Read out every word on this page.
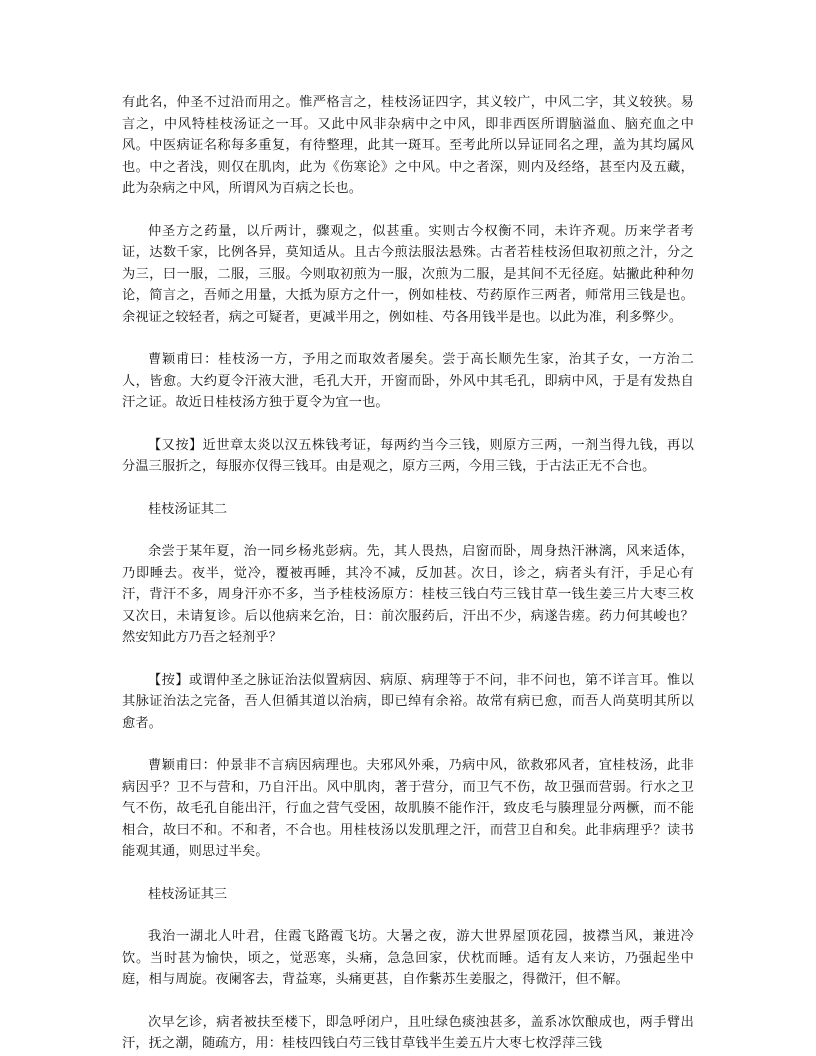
有此名，仲圣不过沿而用之。惟严格言之，桂枝汤证四字，其义较广，中风二字，其义较狭。易言之，中风特桂枝汤证之一耳。又此中风非杂病中之中风，即非西医所谓脑溢血、脑充血之中风。中医病证名称每多重复，有待整理，此其一斑耳。至考此所以异证同名之理，盖为其均属风也。中之者浅，则仅在肌肉，此为《伤寒论》之中风。中之者深，则内及经络，甚至内及五藏，此为杂病之中风，所谓风为百病之长也。

仲圣方之药量，以斤两计，骤观之，似甚重。实则古今权衡不同，未许齐观。历来学者考证，达数千家，比例各异，莫知适从。且古今煎法服法悬殊。古者若桂枝汤但取初煎之汁，分之为三，曰一服，二服，三服。今则取初煎为一服，次煎为二服，是其间不无径庭。姑撇此种种勿论，简言之，吾师之用量，大抵为原方之什一，例如桂枝、芍药原作三两者，师常用三钱是也。余视证之较轻者，病之可疑者，更减半用之，例如桂、芍各用钱半是也。以此为准，利多弊少。

曹颖甫曰：桂枝汤一方，予用之而取效者屡矣。尝于高长顺先生家，治其子女，一方治二人，皆愈。大约夏令汗液大泄，毛孔大开，开窗而卧，外风中其毛孔，即病中风，于是有发热自汗之证。故近日桂枝汤方独于夏令为宜一也。

【又按】近世章太炎以汉五株钱考证，每两约当今三钱，则原方三两，一剂当得九钱，再以分温三服折之，每服亦仅得三钱耳。由是观之，原方三两，今用三钱，于古法正无不合也。

桂枝汤证其二

余尝于某年夏，治一同乡杨兆彭病。先，其人畏热，启窗而卧，周身热汗淋漓，风来适体，乃即睡去。夜半，觉冷，覆被再睡，其冷不减，反加甚。次日，诊之，病者头有汗，手足心有汗，背汗不多，周身汗亦不多，当予桂枝汤原方：桂枝三钱白芍三钱甘草一钱生姜三片大枣三枚又次日，未请复诊。后以他病来乞治，日：前次服药后，汗出不少，病遂告瘥。药力何其峻也？然安知此方乃吾之轻剂乎？

【按】或谓仲圣之脉证治法似置病因、病原、病理等于不问，非不问也，第不详言耳。惟以其脉证治法之完备，吾人但循其道以治病，即已绰有余裕。故常有病已愈，而吾人尚莫明其所以愈者。

曹颖甫曰：仲景非不言病因病理也。夫邪风外乘，乃病中风，欲救邪风者，宜桂枝汤，此非病因乎？卫不与营和，乃自汗出。风中肌肉，著于营分，而卫气不伤，故卫强而营弱。行水之卫气不伤，故毛孔自能出汗，行血之营气受困，故肌腠不能作汗，致皮毛与腠理显分两橛，而不能相合，故曰不和。不和者，不合也。用桂枝汤以发肌理之汗，而营卫自和矣。此非病理乎？读书能观其通，则思过半矣。

桂枝汤证其三

我治一湖北人叶君，住霞飞路霞飞坊。大暑之夜，游大世界屋顶花园，披襟当风，兼进冷饮。当时甚为愉快，顷之，觉恶寒，头痛，急急回家，伏枕而睡。适有友人来访，乃强起坐中庭，相与周旋。夜阑客去，背益寒，头痛更甚，自作紫苏生姜服之，得微汗，但不解。

次早乞诊，病者被扶至楼下，即急呼闭户，且吐绿色痰浊甚多，盖系冰饮酿成也，两手臂出汗，抚之潮，随疏方，用：桂枝四钱白芍三钱甘草钱半生姜五片大枣七枚浮萍三钱
